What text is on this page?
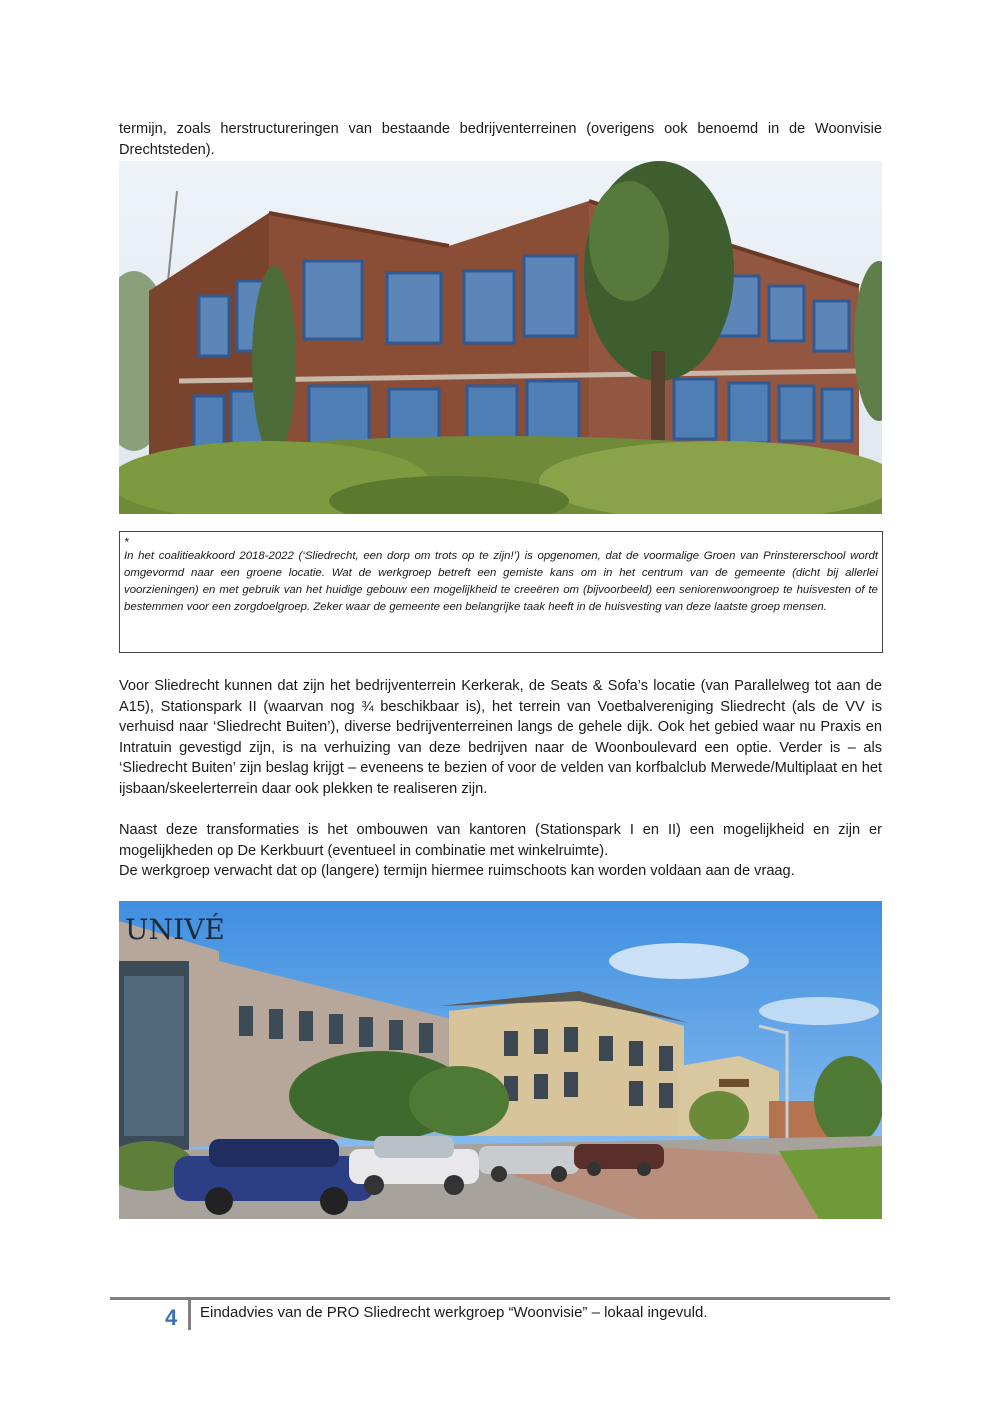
termijn, zoals herstructureringen van bestaande bedrijventerreinen (overigens ook benoemd in de Woonvisie Drechtsteden).

*

In het coalitieakkoord 2018-2022 (‘Sliedrecht, een dorp om trots op te zijn!’) is opgenomen, dat de voormalige Groen van Prinstererschool wordt omgevormd naar een groene locatie. Wat de werkgroep betreft een gemiste kans om in het centrum van de gemeente (dicht bij allerlei voorzieningen) en met gebruik van het huidige gebouw een mogelijkheid te creeëren om (bijvoorbeeld) een seniorenwoongroep te huisvesten of te bestemmen voor een zorgdoelgroep. Zeker waar de gemeente een belangrijke taak heeft in de huisvesting van deze laatste groep mensen.

Voor Sliedrecht kunnen dat zijn het bedrijventerrein Kerkerak, de Seats & Sofa’s locatie (van Parallelweg tot aan de A15), Stationspark II (waarvan nog ¾ beschikbaar is), het terrein van Voetbalvereniging Sliedrecht (als de VV is verhuisd naar ‘Sliedrecht Buiten’), diverse bedrijventerreinen langs de gehele dijk. Ook het gebied waar nu Praxis en Intratuin gevestigd zijn, is na verhuizing van deze bedrijven naar de Woonboulevard een optie. Verder is – als ‘Sliedrecht Buiten’ zijn beslag krijgt – eveneens te bezien of voor de velden van korfbalclub Merwede/Multiplaat en het ijsbaan/skeelerterrein daar ook plekken te realiseren zijn.

Naast deze transformaties is het ombouwen van kantoren (Stationspark I en II) een mogelijkheid en zijn er mogelijkheden op De Kerkbuurt (eventueel in combinatie met winkelruimte).

De werkgroep verwacht dat op (langere) termijn hiermee ruimschoots kan worden voldaan aan de vraag.

UNIVÉ
4 Eindadvies van de PRO Sliedrecht werkgroep “Woonvisie” – lokaal ingevuld.
